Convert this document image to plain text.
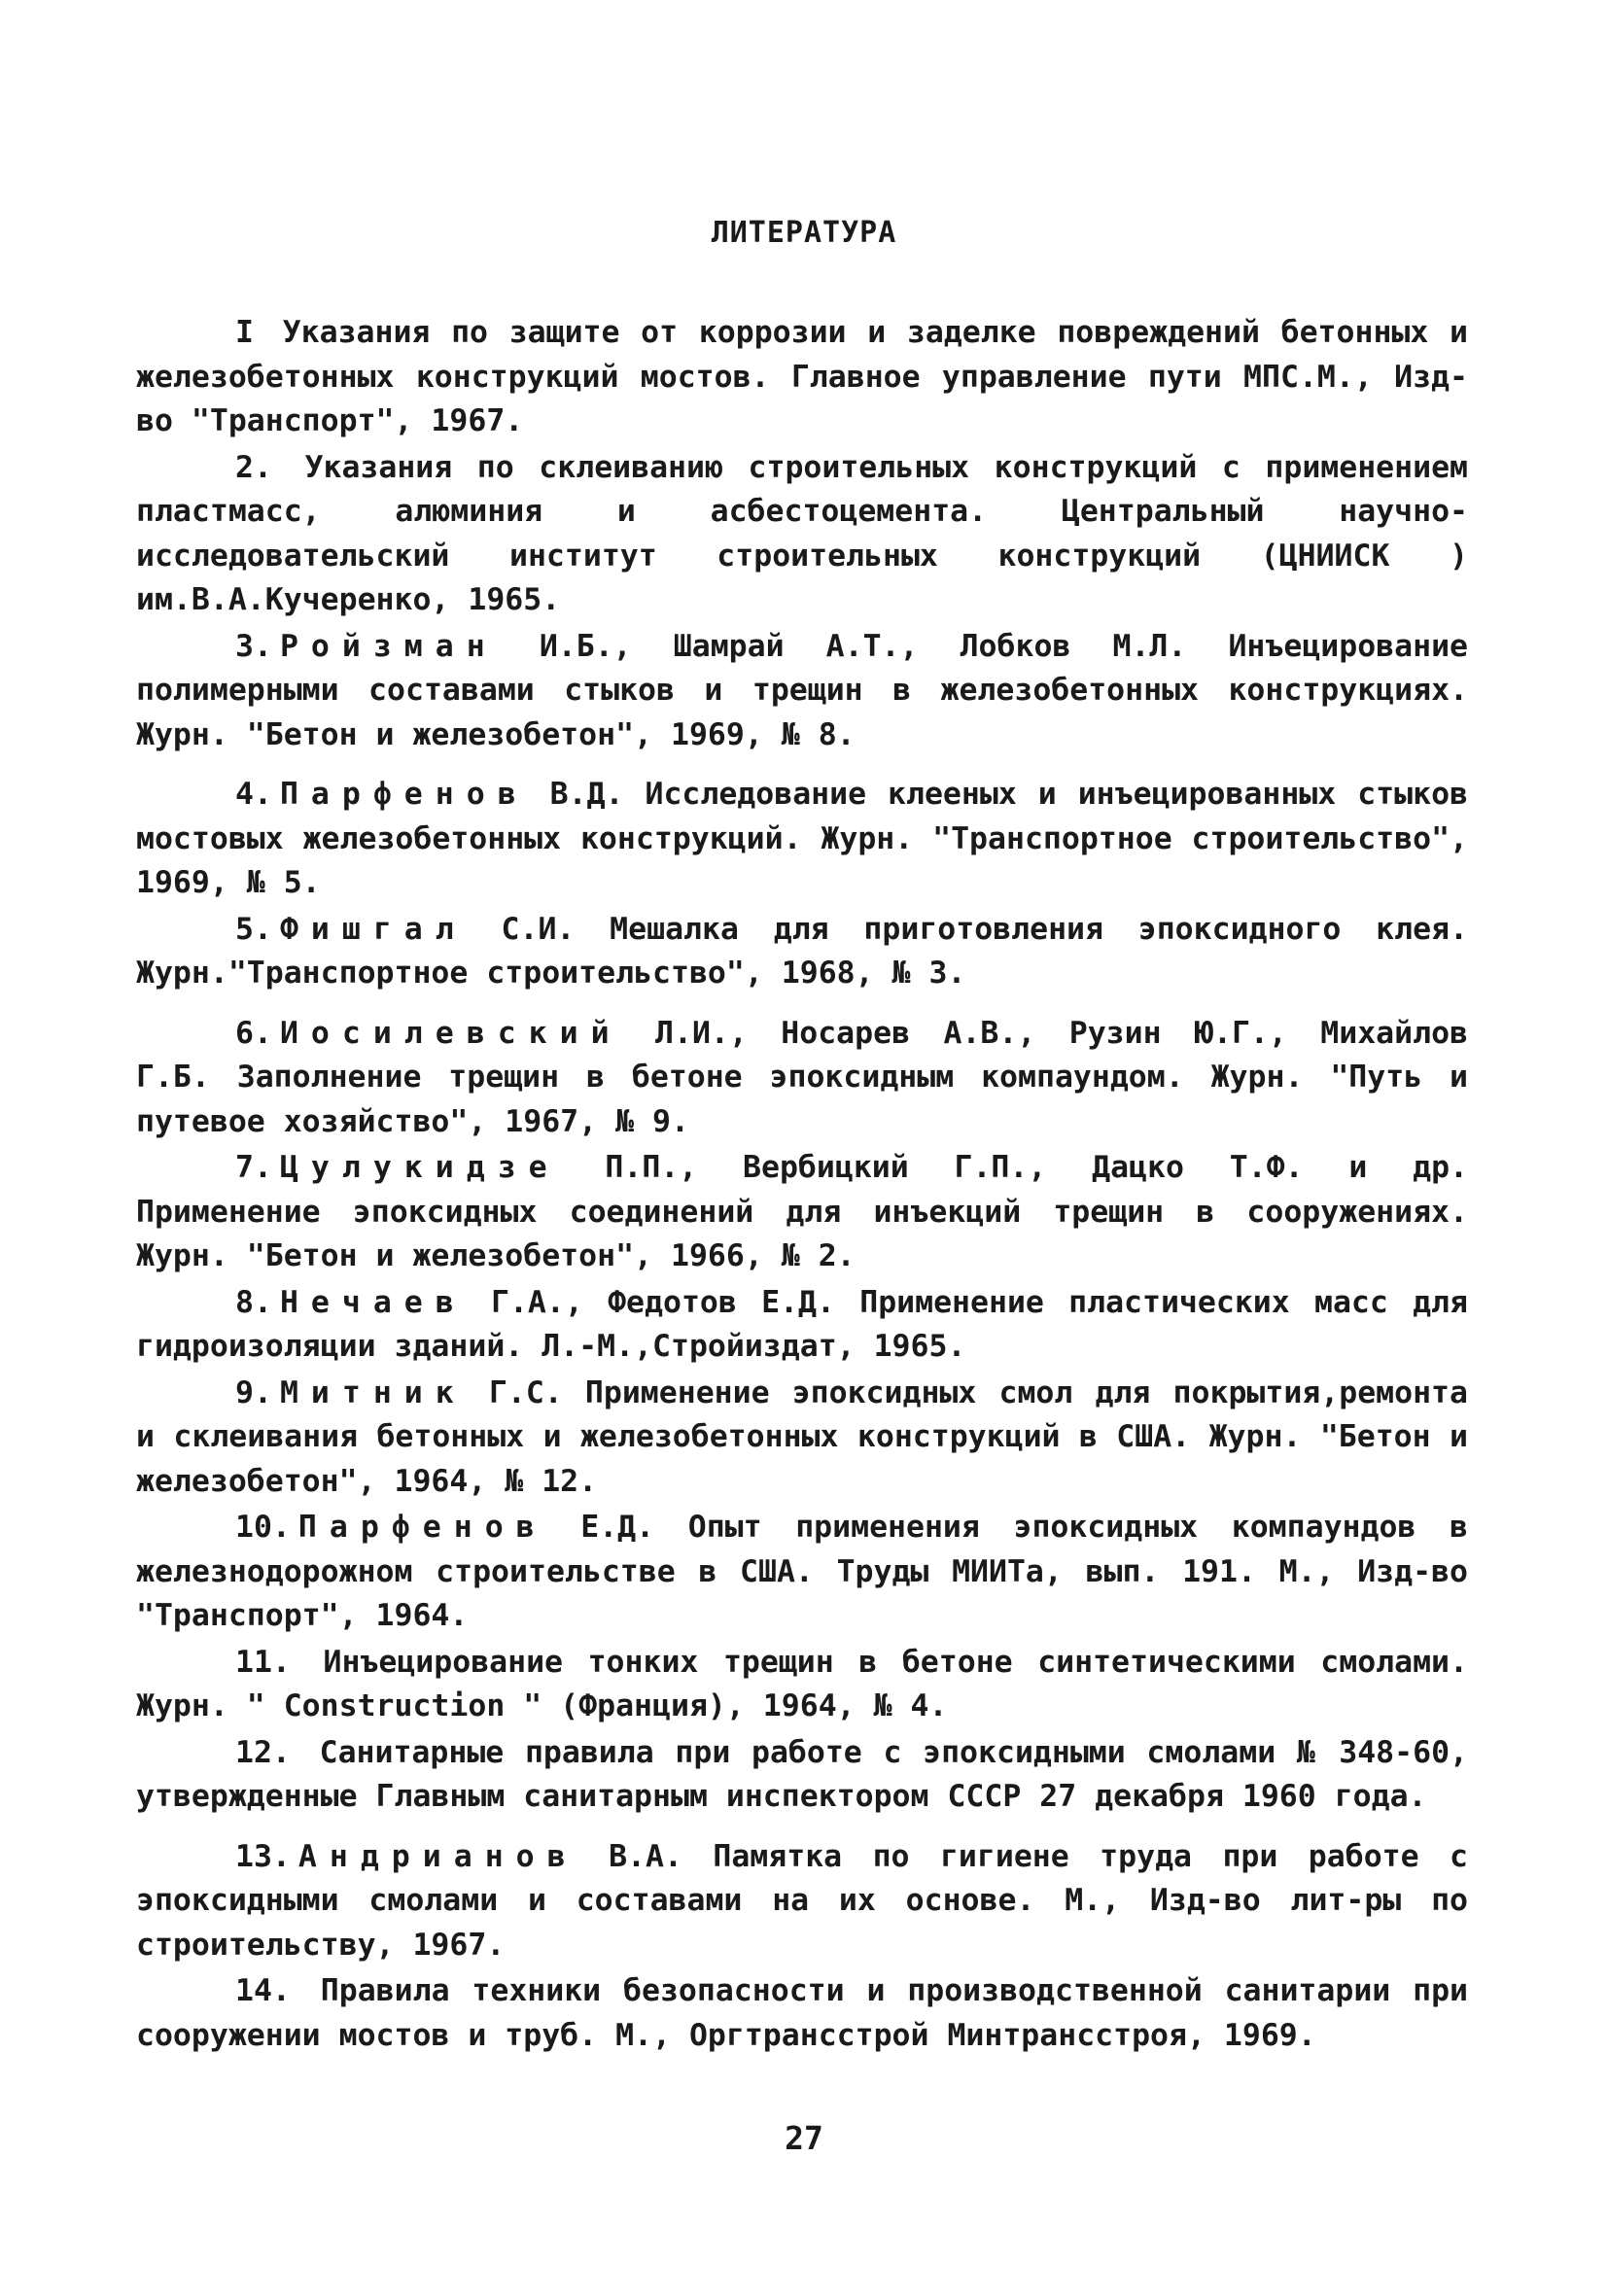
ЛИТЕРАТУРА

I Указания по защите от коррозии и заделке повреждений бетонных и железобетонных конструкций мостов. Главное управление пути МПС.М., Изд-во "Транспорт", 1967.

2. Указания по склеиванию строительных конструкций с применением пластмасс, алюминия и асбестоцемента. Центральный научно-исследовательский институт строительных конструкций (ЦНИИСК ) им.В.А.Кучеренко, 1965.

3. Ройзман И.Б., Шамрай А.Т., Лобков М.Л. Инъецирование полимерными составами стыков и трещин в железобетонных конструкциях. Журн. "Бетон и железобетон", 1969, № 8.

4. Парфенов В.Д. Исследование клееных и инъецированных стыков мостовых железобетонных конструкций. Журн. "Транспортное строительство", 1969, № 5.

5. Фишгал С.И. Мешалка для приготовления эпоксидного клея. Журн."Транспортное строительство", 1968, № 3.

6. Иосилевский Л.И., Носарев А.В., Рузин Ю.Г., Михайлов Г.Б. Заполнение трещин в бетоне эпоксидным компаундом. Журн. "Путь и путевое хозяйство", 1967, № 9.

7. Цулукидзе П.П., Вербицкий Г.П., Дацко Т.Ф. и др. Применение эпоксидных соединений для инъекций трещин в сооружениях. Журн. "Бетон и железобетон", 1966, № 2.

8. Нечаев Г.А., Федотов Е.Д. Применение пластических масс для гидроизоляции зданий. Л.-М.,Стройиздат, 1965.

9. Митник Г.С. Применение эпоксидных смол для покрытия,ремонта и склеивания бетонных и железобетонных конструкций в США. Журн. "Бетон и железобетон", 1964, № 12.

10. Парфенов Е.Д. Опыт применения эпоксидных компаундов в железнодорожном строительстве в США. Труды МИИТа, вып. 191. М., Изд-во "Транспорт", 1964.

11. Инъецирование тонких трещин в бетоне синтетическими смолами. Журн. " Construction " (Франция), 1964, № 4.

12. Санитарные правила при работе с эпоксидными смолами № 348-60, утвержденные Главным санитарным инспектором СССР 27 декабря 1960 года.

13. Андрианов В.А. Памятка по гигиене труда при работе с эпоксидными смолами и составами на их основе. М., Изд-во лит-ры по строительству, 1967.

14. Правила техники безопасности и производственной санитарии при сооружении мостов и труб. М., Оргтрансстрой Минтрансстроя, 1969.

27
